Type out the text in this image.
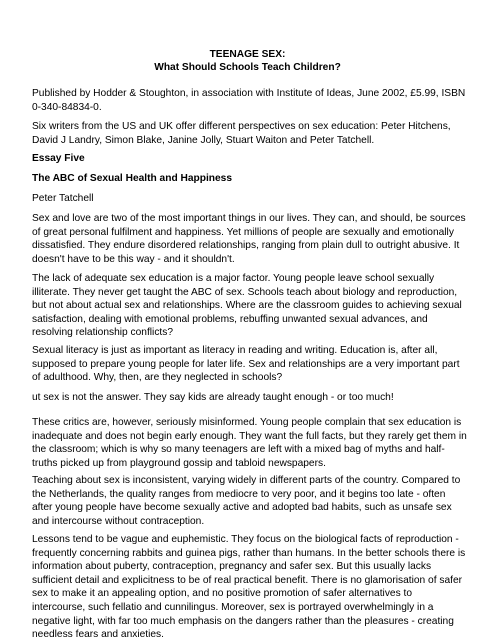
TEENAGE SEX:

What Should Schools Teach Children?

Published by Hodder & Stoughton, in association with Institute of Ideas, June 2002, £5.99, ISBN 0-340-84834-0.

Six writers from the US and UK offer different perspectives on sex education: Peter Hitchens, David J Landry, Simon Blake, Janine Jolly, Stuart Waiton and Peter Tatchell.

Essay Five

The ABC of Sexual Health and Happiness

Peter Tatchell

Sex and love are two of the most important things in our lives. They can, and should, be sources of great personal fulfilment and happiness. Yet millions of people are sexually and emotionally dissatisfied. They endure disordered relationships, ranging from plain dull to outright abusive. It doesn't have to be this way - and it shouldn't.

The lack of adequate sex education is a major factor. Young people leave school sexually illiterate. They never get taught the ABC of sex. Schools teach about biology and reproduction, but not about actual sex and relationships. Where are the classroom guides to achieving sexual satisfaction, dealing with emotional problems, rebuffing unwanted sexual advances, and resolving relationship conflicts?

Sexual literacy is just as important as literacy in reading and writing. Education is, after all, supposed to prepare young people for later life. Sex and relationships are a very important part of adulthood. Why, then, are they neglected in schools?

ut sex is not the answer. They say kids are already taught enough - or too much!

These critics are, however, seriously misinformed. Young people complain that sex education is inadequate and does not begin early enough. They want the full facts, but they rarely get them in the classroom; which is why so many teenagers are left with a mixed bag of myths and half-truths picked up from playground gossip and tabloid newspapers.

Teaching about sex is inconsistent, varying widely in different parts of the country. Compared to the Netherlands, the quality ranges from mediocre to very poor, and it begins too late - often after young people have become sexually active and adopted bad habits, such as unsafe sex and intercourse without contraception.

Lessons tend to be vague and euphemistic. They focus on the biological facts of reproduction - frequently concerning rabbits and guinea pigs, rather than humans. In the better schools there is information about puberty, contraception, pregnancy and safer sex. But this usually lacks sufficient detail and explicitness to be of real practical benefit. There is no glamorisation of safer sex to make it an appealing option, and no positive promotion of safer alternatives to intercourse, such fellatio and cunnilingus. Moreover, sex is portrayed overwhelmingly in a negative light, with far too much emphasis on the dangers rather than the pleasures - creating needless fears and anxieties.
